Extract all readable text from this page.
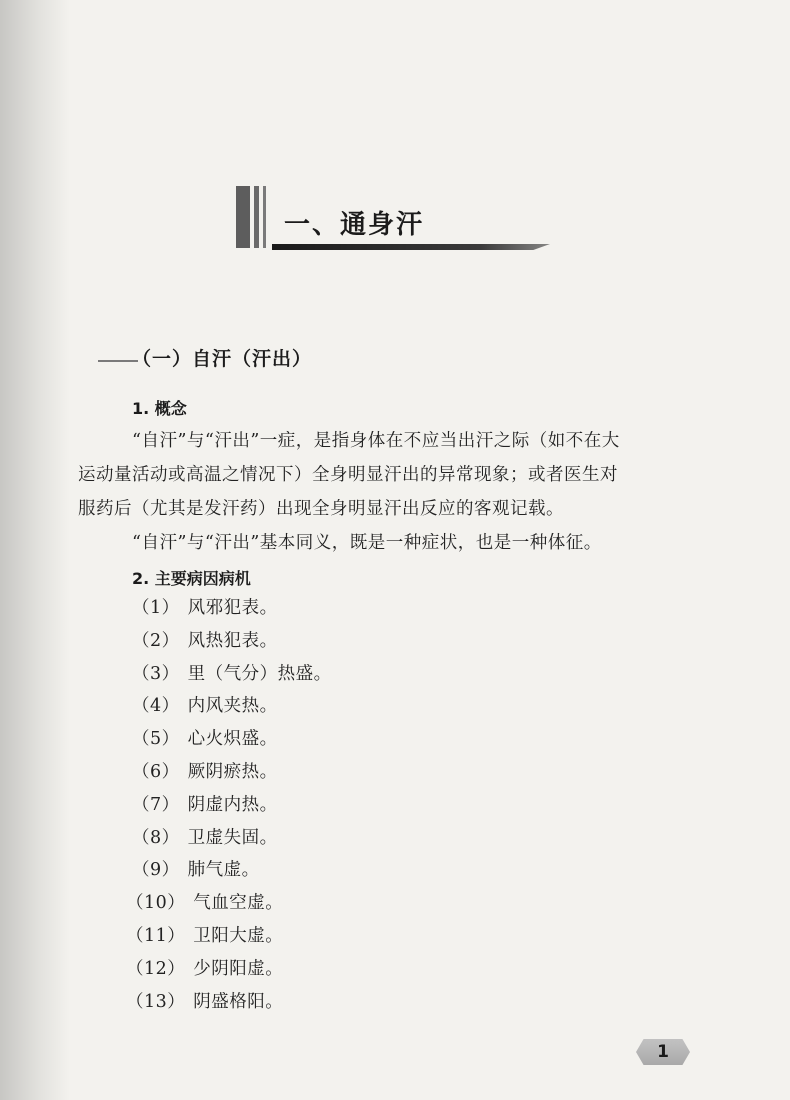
一、通身汗
（一）自汗（汗出）
1. 概念
“自汗”与“汗出”一症，是指身体在不应当出汗之际（如不在大
运动量活动或高温之情况下）全身明显汗出的异常现象；或者医生对
服药后（尤其是发汗药）出现全身明显汗出反应的客观记载。
“自汗”与“汗出”基本同义，既是一种症状，也是一种体征。
2. 主要病因病机
（1） 风邪犯表。
（2） 风热犯表。
（3） 里（气分）热盛。
（4） 内风夹热。
（5） 心火炽盛。
（6） 厥阴瘀热。
（7） 阴虚内热。
（8） 卫虚失固。
（9） 肺气虚。
（10） 气血空虚。
（11） 卫阳大虚。
（12） 少阴阳虚。
（13） 阴盛格阳。
1
